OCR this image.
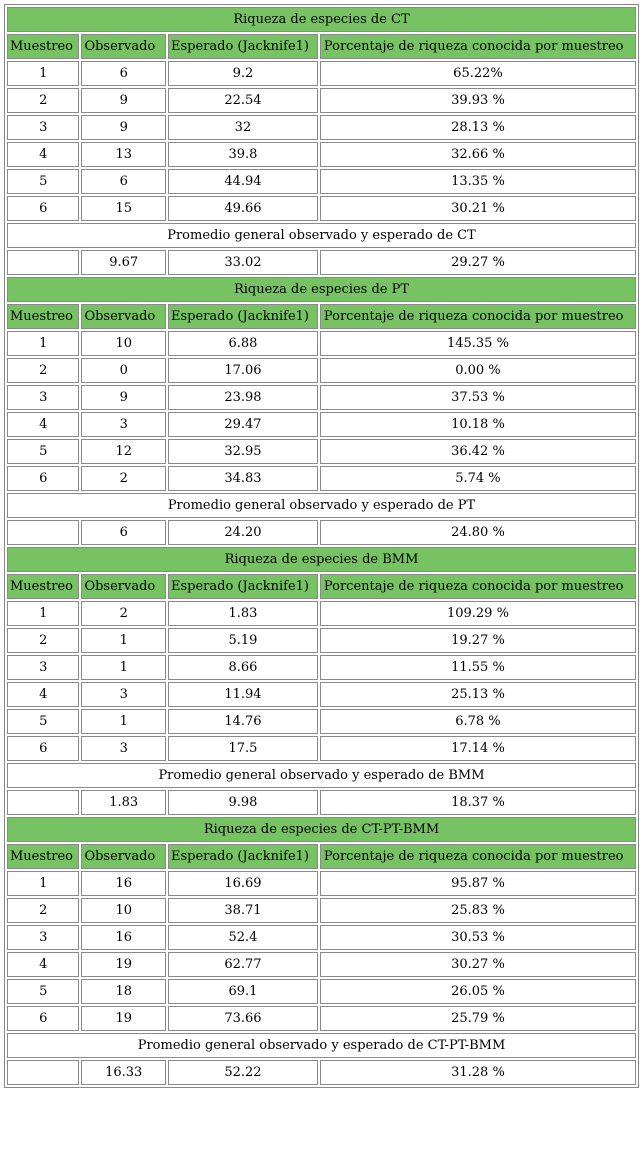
Riqueza de especies de CT			
Muestreo	Observado	Esperado (Jacknife1)	Porcentaje de riqueza conocida por muestreo
1	6	9.2	65.22%
2	9	22.54	39.93 %
3	9	32	28.13 %
4	13	39.8	32.66 %
5	6	44.94	13.35 %
6	15	49.66	30.21 %
Promedio general observado y esperado de CT			
	9.67	33.02	29.27 %
Riqueza de especies de PT			
Muestreo	Observado	Esperado (Jacknife1)	Porcentaje de riqueza conocida por muestreo
1	10	6.88	145.35 %
2	0	17.06	0.00 %
3	9	23.98	37.53 %
4	3	29.47	10.18 %
5	12	32.95	36.42 %
6	2	34.83	5.74 %
Promedio general observado y esperado de PT			
	6	24.20	24.80 %
Riqueza de especies de BMM			
Muestreo	Observado	Esperado (Jacknife1)	Porcentaje de riqueza conocida por muestreo
1	2	1.83	109.29 %
2	1	5.19	19.27 %
3	1	8.66	11.55 %
4	3	11.94	25.13 %
5	1	14.76	6.78 %
6	3	17.5	17.14 %
Promedio general observado y esperado de BMM			
	1.83	9.98	18.37 %
Riqueza de especies de CT-PT-BMM			
Muestreo	Observado	Esperado (Jacknife1)	Porcentaje de riqueza conocida por muestreo
1	16	16.69	95.87 %
2	10	38.71	25.83 %
3	16	52.4	30.53 %
4	19	62.77	30.27 %
5	18	69.1	26.05 %
6	19	73.66	25.79 %
Promedio general observado y esperado de CT-PT-BMM			
	16.33	52.22	31.28 %
